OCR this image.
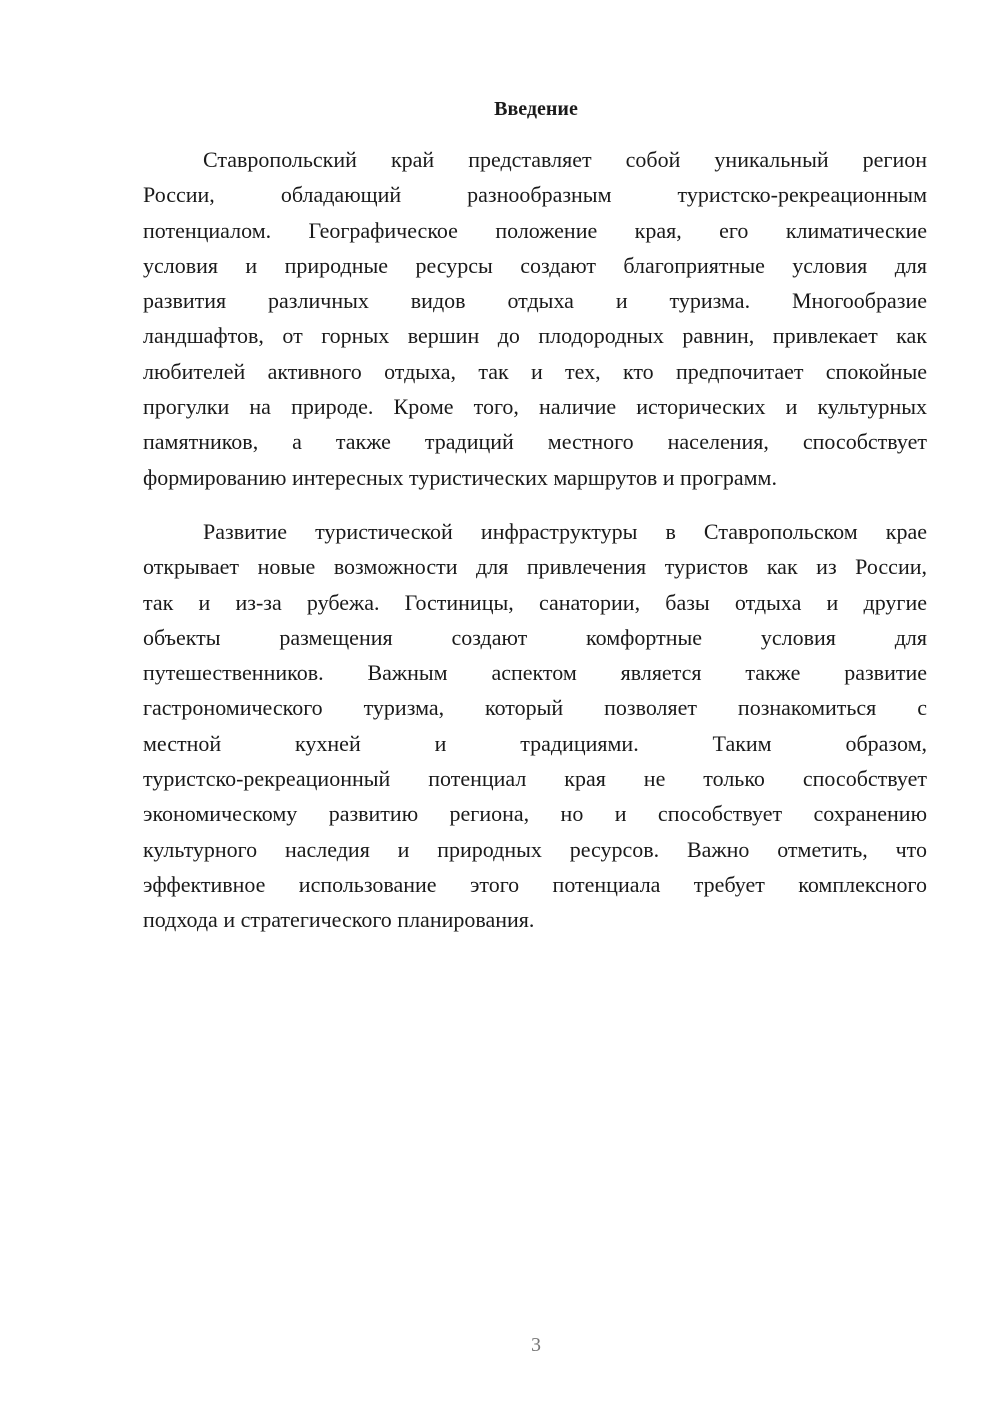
Введение
Ставропольский край представляет собой уникальный регион
России, обладающий разнообразным туристско-рекреационным
потенциалом. Географическое положение края, его климатические
условия и природные ресурсы создают благоприятные условия для
развития различных видов отдыха и туризма. Многообразие
ландшафтов, от горных вершин до плодородных равнин, привлекает как
любителей активного отдыха, так и тех, кто предпочитает спокойные
прогулки на природе. Кроме того, наличие исторических и культурных
памятников, а также традиций местного населения, способствует
формированию интересных туристических маршрутов и программ.
Развитие туристической инфраструктуры в Ставропольском крае
открывает новые возможности для привлечения туристов как из России,
так и из-за рубежа. Гостиницы, санатории, базы отдыха и другие
объекты размещения создают комфортные условия для
путешественников. Важным аспектом является также развитие
гастрономического туризма, который позволяет познакомиться с
местной кухней и традициями. Таким образом,
туристско-рекреационный потенциал края не только способствует
экономическому развитию региона, но и способствует сохранению
культурного наследия и природных ресурсов. Важно отметить, что
эффективное использование этого потенциала требует комплексного
подхода и стратегического планирования.
3
